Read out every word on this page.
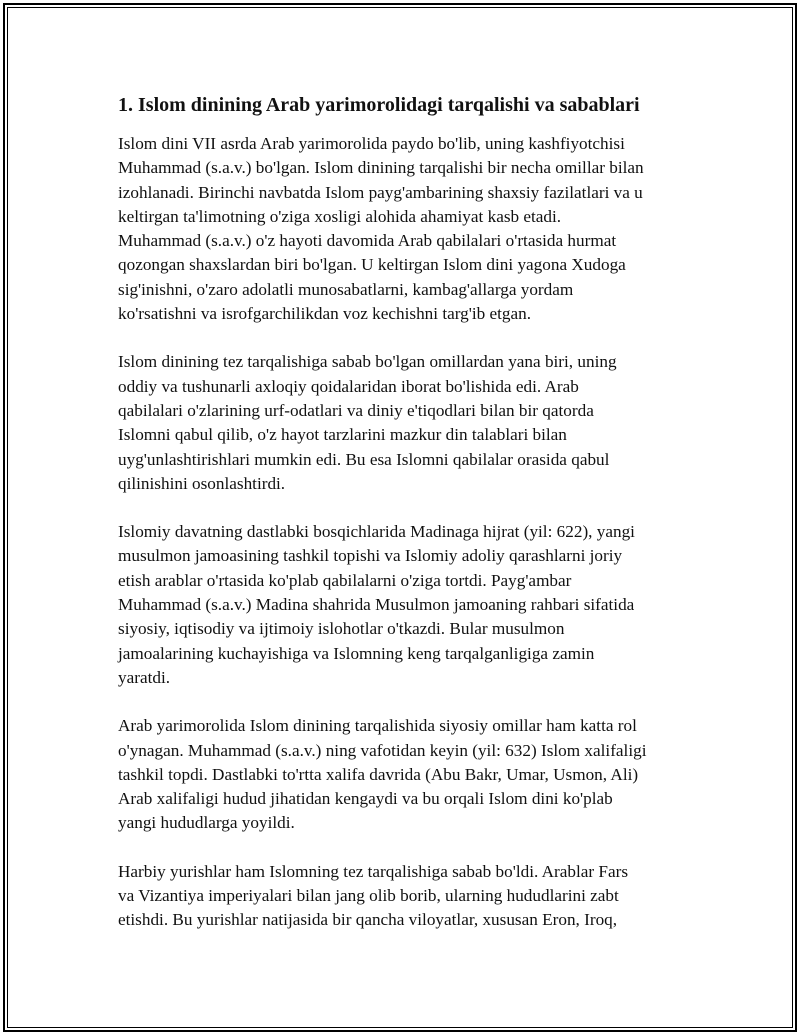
1. Islom dinining Arab yarimorolidagi tarqalishi va sabablari

Islom dini VII asrda Arab yarimorolida paydo bo'lib, uning kashfiyotchisi
Muhammad (s.a.v.) bo'lgan. Islom dinining tarqalishi bir necha omillar bilan
izohlanadi. Birinchi navbatda Islom payg'ambarining shaxsiy fazilatlari va u
keltirgan ta'limotning o'ziga xosligi alohida ahamiyat kasb etadi.
Muhammad (s.a.v.) o'z hayoti davomida Arab qabilalari o'rtasida hurmat
qozongan shaxslardan biri bo'lgan. U keltirgan Islom dini yagona Xudoga
sig'inishni, o'zaro adolatli munosabatlarni, kambag'allarga yordam
ko'rsatishni va isrofgarchilikdan voz kechishni targ'ib etgan.

Islom dinining tez tarqalishiga sabab bo'lgan omillardan yana biri, uning
oddiy va tushunarli axloqiy qoidalaridan iborat bo'lishida edi. Arab
qabilalari o'zlarining urf-odatlari va diniy e'tiqodlari bilan bir qatorda
Islomni qabul qilib, o'z hayot tarzlarini mazkur din talablari bilan
uyg'unlashtirishlari mumkin edi. Bu esa Islomni qabilalar orasida qabul
qilinishini osonlashtirdi.

Islomiy davatning dastlabki bosqichlarida Madinaga hijrat (yil: 622), yangi
musulmon jamoasining tashkil topishi va Islomiy adoliy qarashlarni joriy
etish arablar o'rtasida ko'plab qabilalarni o'ziga tortdi. Payg'ambar
Muhammad (s.a.v.) Madina shahrida Musulmon jamoaning rahbari sifatida
siyosiy, iqtisodiy va ijtimoiy islohotlar o'tkazdi. Bular musulmon
jamoalarining kuchayishiga va Islomning keng tarqalganligiga zamin
yaratdi.

Arab yarimorolida Islom dinining tarqalishida siyosiy omillar ham katta rol
o'ynagan. Muhammad (s.a.v.) ning vafotidan keyin (yil: 632) Islom xalifaligi
tashkil topdi. Dastlabki to'rtta xalifa davrida (Abu Bakr, Umar, Usmon, Ali)
Arab xalifaligi hudud jihatidan kengaydi va bu orqali Islom dini ko'plab
yangi hududlarga yoyildi.

Harbiy yurishlar ham Islomning tez tarqalishiga sabab bo'ldi. Arablar Fars
va Vizantiya imperiyalari bilan jang olib borib, ularning hududlarini zabt
etishdi. Bu yurishlar natijasida bir qancha viloyatlar, xususan Eron, Iroq,
